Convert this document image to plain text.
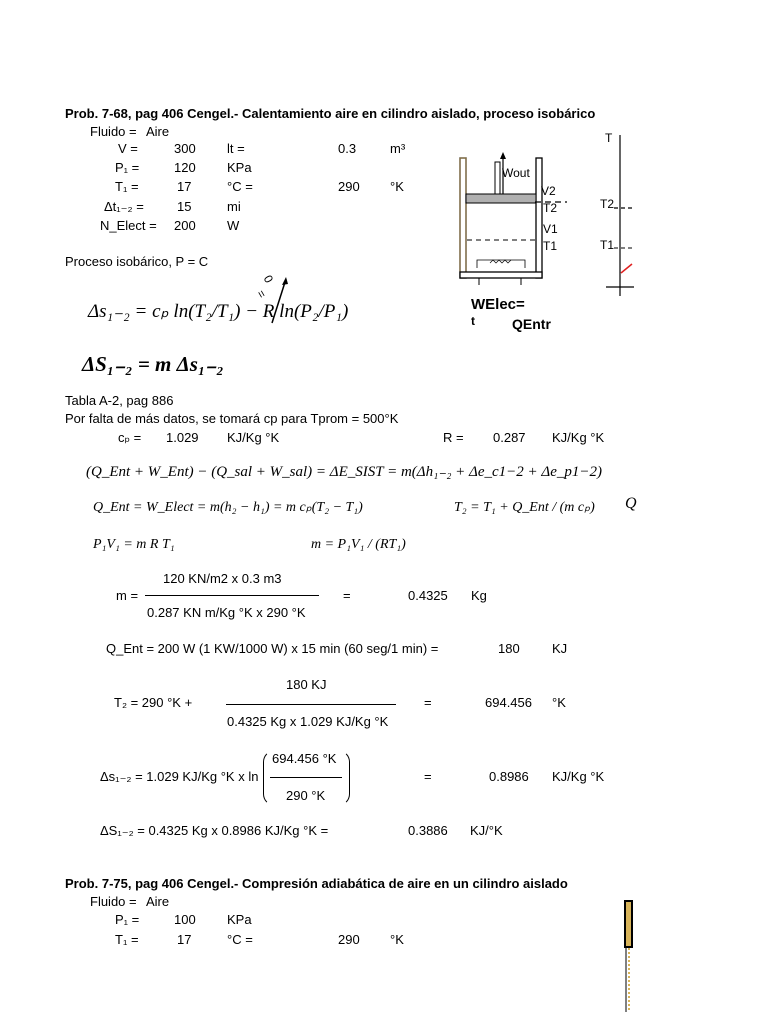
Prob. 7-68, pag 406 Cengel.- Calentamiento aire en cilindro aislado, proceso isobárico
Fluido = Aire
V =	300 lt =	0.3	m³
P₁ =	120 KPa
T₁ =	17	°C =	290 °K
Δt₁₋₂ =	15	mi
N_Elect = 200 W
Proceso isobárico, P = C
Δs₁₋₂ = cₚ ln(T₂/T₁) − R ln(P₂/P₁)
0
=
ΔS₁₋₂ = m Δs₁₋₂
Tabla A-2, pag 886
Por falta de más datos, se tomará cp para Tprom = 500°K
cₚ = 1.029 KJ/Kg °K	R = 0.287 KJ/Kg °K
(Q_Ent + W_Ent) − (Q_sal + W_sal) = ΔE_SIST = m(Δh₁₋₂ + Δe_c1−2 + Δe_p1−2)
Q_Ent = W_Elect = m(h₂ − h₁) = m cₚ(T₂ − T₁)	T₂ = T₁ + Q_Ent / (m cₚ) Q
P₁V₁ = m R T₁	m = P₁V₁ / (RT₁)
m =
120 KN/m2 x 0.3 m3
0.287 KN m/Kg °K x 290 °K
=	0.4325 Kg
Q_Ent = 200 W (1 KW/1000 W) x 15 min (60 seg/1 min) =	180 KJ
T₂ = 290 °K +
180 KJ
0.4325 Kg x 1.029 KJ/Kg °K
=	694.456 °K
Δs₁₋₂ = 1.029 KJ/Kg °K x ln
694.456 °K
290 °K
=	0.8986 KJ/Kg °K
ΔS₁₋₂ = 0.4325 Kg x 0.8986 KJ/Kg °K =	0.3886 KJ/°K
Wout
V2
T2
V1
T1
WElec=
t	QEntr
T
T2
T1
Prob. 7-75, pag 406 Cengel.- Compresión adiabática de aire en un cilindro aislado
Fluido = Aire
P₁ =	100 KPa
T₁ =	17	°C =	290 °K
